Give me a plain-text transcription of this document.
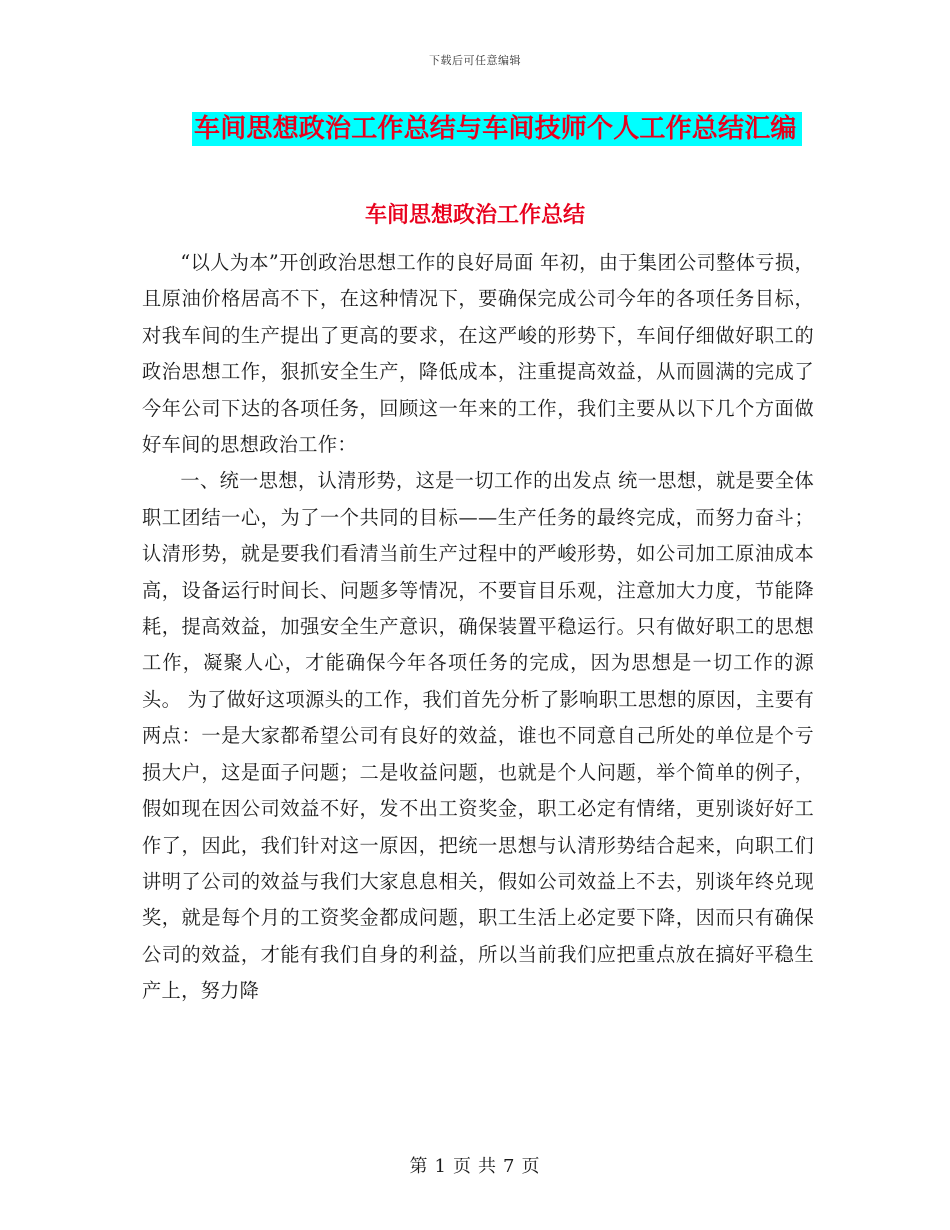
下载后可任意编辑
车间思想政治工作总结与车间技师个人工作总结汇编
车间思想政治工作总结

“以人为本”开创政治思想工作的良好局面 年初，由于集团公司整体亏损，且原油价格居高不下，在这种情况下，要确保完成公司今年的各项任务目标，对我车间的生产提出了更高的要求，在这严峻的形势下，车间仔细做好职工的政治思想工作，狠抓安全生产，降低成本，注重提高效益，从而圆满的完成了今年公司下达的各项任务，回顾这一年来的工作，我们主要从以下几个方面做好车间的思想政治工作：

一、统一思想，认清形势，这是一切工作的出发点 统一思想，就是要全体职工团结一心，为了一个共同的目标——生产任务的最终完成，而努力奋斗；认清形势，就是要我们看清当前生产过程中的严峻形势，如公司加工原油成本高，设备运行时间长、问题多等情况，不要盲目乐观，注意加大力度，节能降耗，提高效益，加强安全生产意识，确保装置平稳运行。只有做好职工的思想工作，凝聚人心，才能确保今年各项任务的完成，因为思想是一切工作的源头。 为了做好这项源头的工作，我们首先分析了影响职工思想的原因，主要有两点：一是大家都希望公司有良好的效益，谁也不同意自己所处的单位是个亏损大户，这是面子问题；二是收益问题，也就是个人问题，举个简单的例子，假如现在因公司效益不好，发不出工资奖金，职工必定有情绪，更别谈好好工作了，因此，我们针对这一原因，把统一思想与认清形势结合起来，向职工们讲明了公司的效益与我们大家息息相关，假如公司效益上不去，别谈年终兑现奖，就是每个月的工资奖金都成问题，职工生活上必定要下降，因而只有确保公司的效益，才能有我们自身的利益，所以当前我们应把重点放在搞好平稳生产上，努力降

第 1 页 共 7 页
